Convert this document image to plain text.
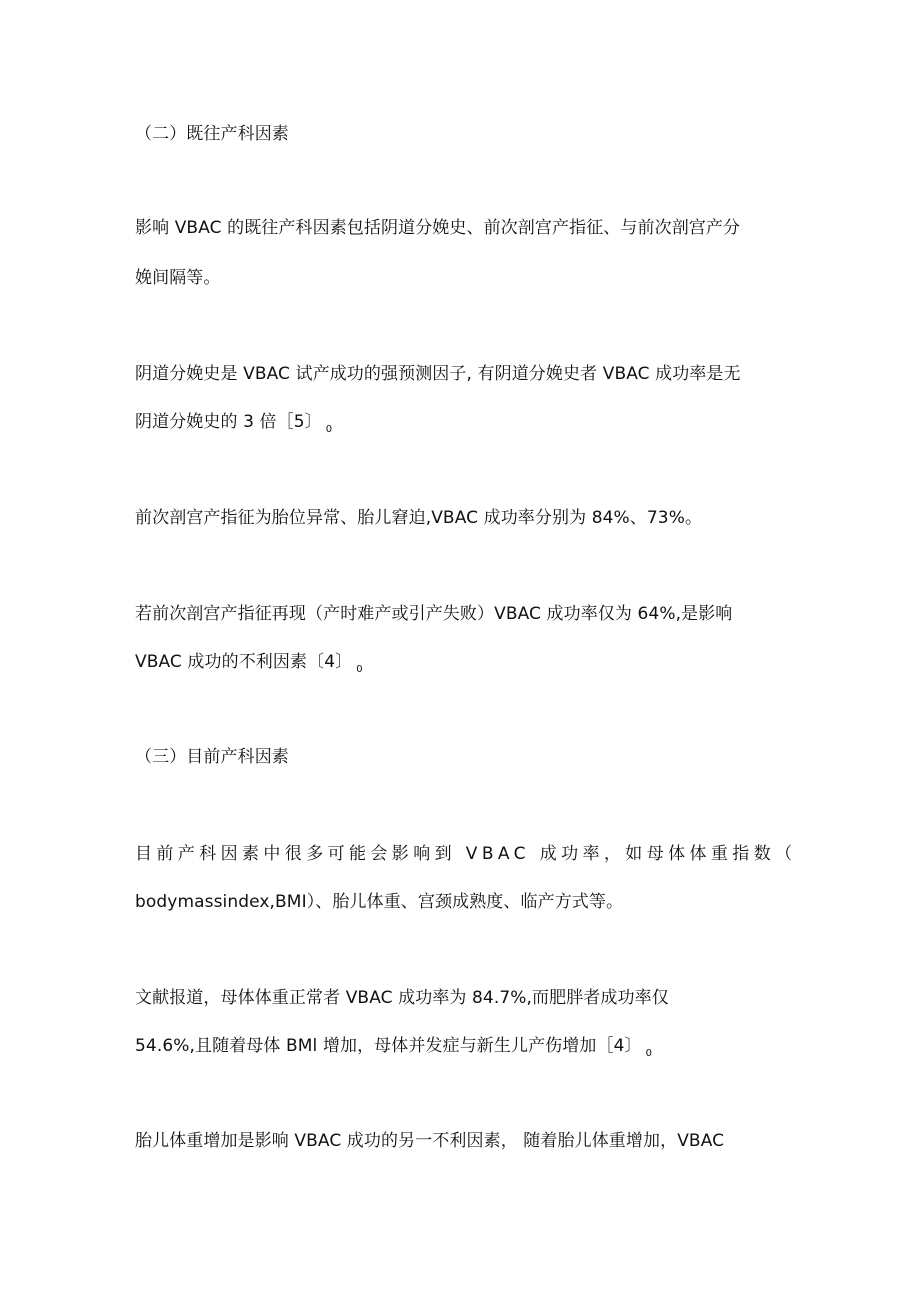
（二）既往产科因素
影响 VBAC 的既往产科因素包括阴道分娩史、前次剖宫产指征、与前次剖宫产分
娩间隔等。
阴道分娩史是 VBAC 试产成功的强预测因子, 有阴道分娩史者 VBAC 成功率是无
阴道分娩史的 3 倍［5〕 $_0$
前次剖宫产指征为胎位异常、胎儿窘迫,VBAC 成功率分别为 84%、73%。
若前次剖宫产指征再现（产时难产或引产失败）VBAC 成功率仅为 64%,是影响
VBAC 成功的不利因素〔4〕 $_0$
（三）目前产科因素
目前产科因素中很多可能会影响到 VBAC 成功率，如母体体重指数（
bodymassindex,BMI）、胎儿体重、宫颈成熟度、临产方式等。
文献报道，母体体重正常者 VBAC 成功率为 84.7%,而肥胖者成功率仅
54.6%,且随着母体 BMl 增加，母体并发症与新生儿产伤增加［4〕 $_0$
胎儿体重增加是影响 VBAC 成功的另一不利因素， 随着胎儿体重增加，VBAC
